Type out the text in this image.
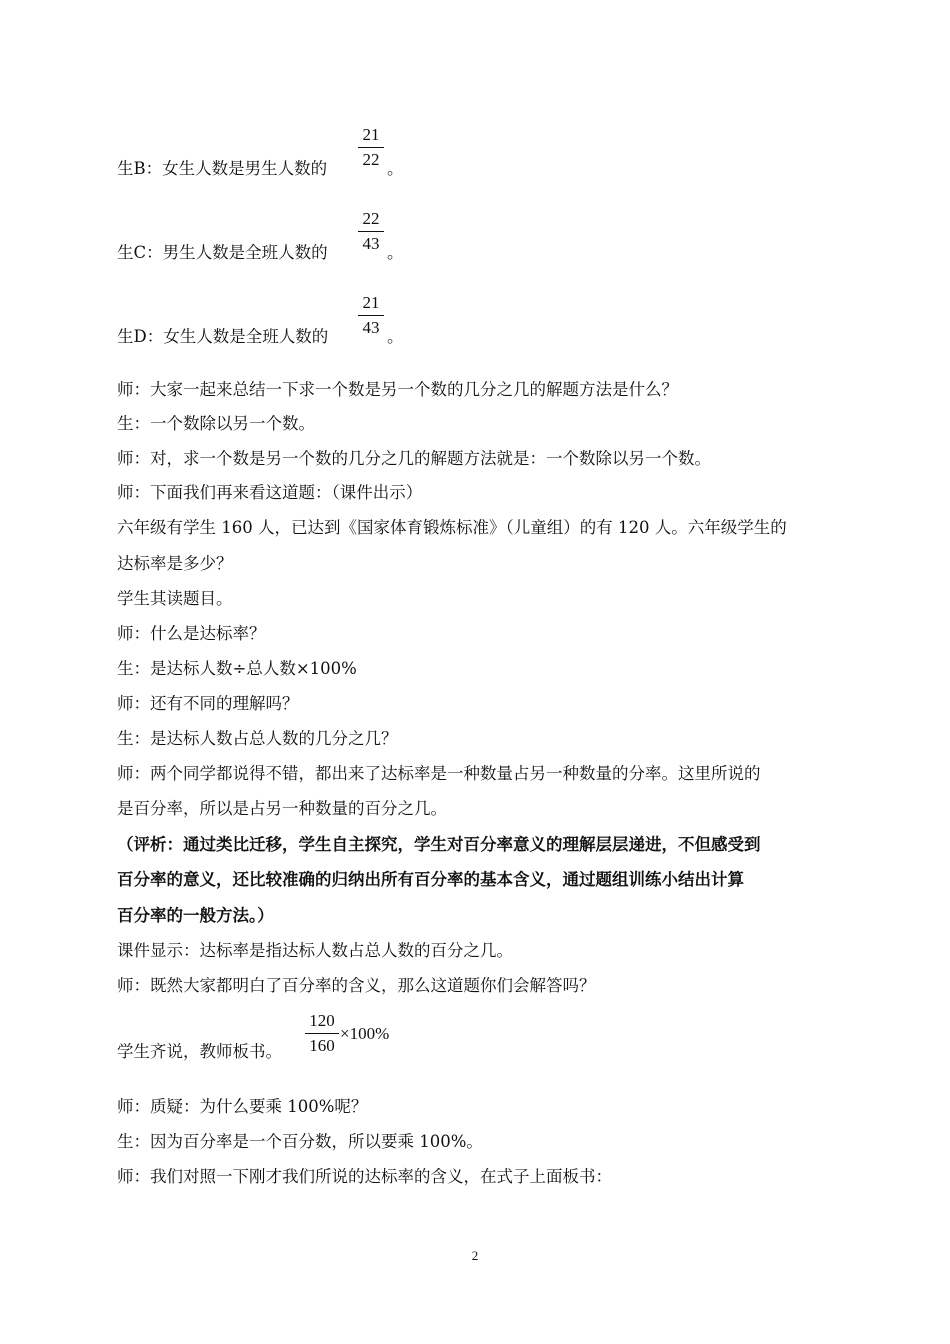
生B：女生人数是男生人数的
21
22 。
生C：男生人数是全班人数的
22
43 。
生D：女生人数是全班人数的
21
43 。
师：大家一起来总结一下求一个数是另一个数的几分之几的解题方法是什么？
生：一个数除以另一个数。
师：对，求一个数是另一个数的几分之几的解题方法就是：一个数除以另一个数。
师：下面我们再来看这道题：（课件出示）
六年级有学生 160 人，已达到《国家体育锻炼标准》（儿童组）的有 120 人。六年级学生的
达标率是多少？
学生其读题目。
师：什么是达标率？
生：是达标人数÷总人数×100%
师：还有不同的理解吗？
生：是达标人数占总人数的几分之几？
师：两个同学都说得不错，都出来了达标率是一种数量占另一种数量的分率。这里所说的
是百分率，所以是占另一种数量的百分之几。
（评析：通过类比迁移，学生自主探究，学生对百分率意义的理解层层递进，不但感受到
百分率的意义，还比较准确的归纳出所有百分率的基本含义，通过题组训练小结出计算
百分率的一般方法。）
课件显示：达标率是指达标人数占总人数的百分之几。
师：既然大家都明白了百分率的含义，那么这道题你们会解答吗？
学生齐说，教师板书。
120
160
×100%
师：质疑：为什么要乘 100%呢？
生：因为百分率是一个百分数，所以要乘 100%。
师：我们对照一下刚才我们所说的达标率的含义，在式子上面板书：
2
